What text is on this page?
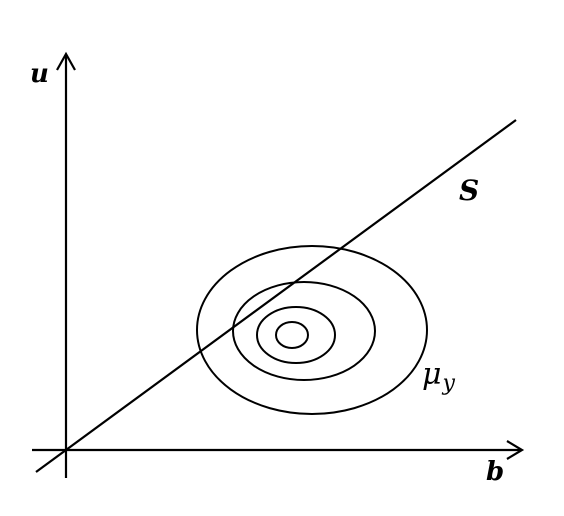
u
b
S
$\mu_y$
